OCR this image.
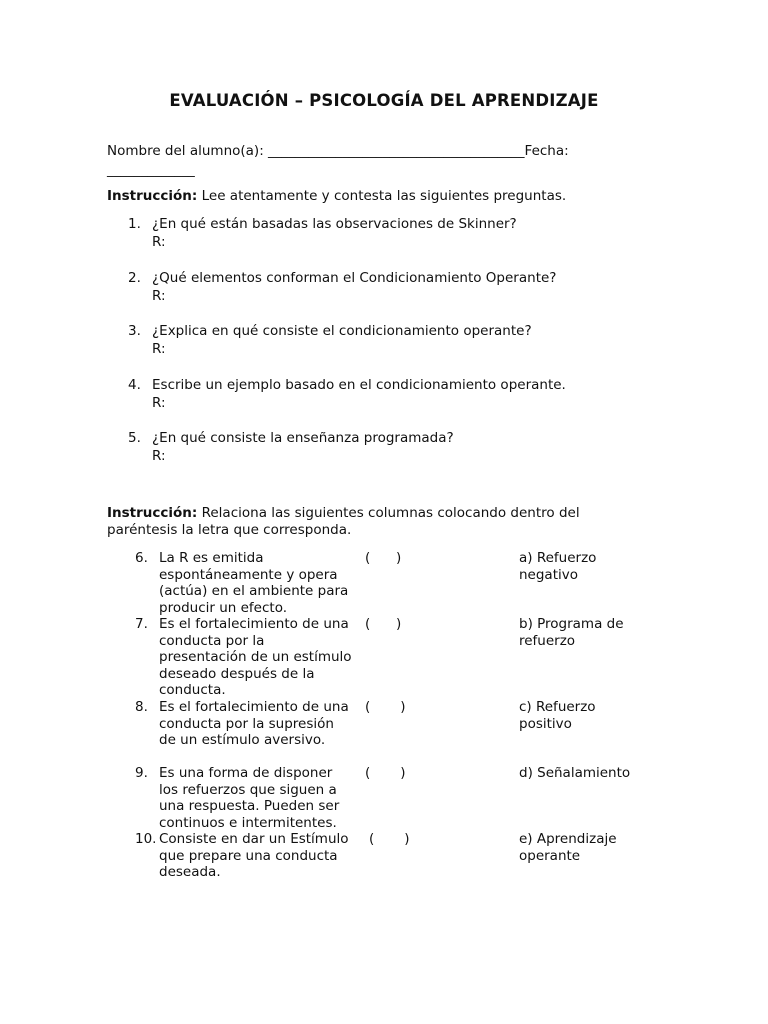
EVALUACIÓN – PSICOLOGÍA DEL APRENDIZAJE
Nombre del alumno(a): ______________________________________Fecha:
_____________
Instrucción: Lee atentamente y contesta las siguientes preguntas.
1. ¿En qué están basadas las observaciones de Skinner?
R:
2. ¿Qué elementos conforman el Condicionamiento Operante?
R:
3. ¿Explica en qué consiste el condicionamiento operante?
R:
4. Escribe un ejemplo basado en el condicionamiento operante.
R:
5. ¿En qué consiste la enseñanza programada?
R:
Instrucción: Relaciona las siguientes columnas colocando dentro del paréntesis la letra que corresponda.
6. La R es emitida espontáneamente y opera (actúa) en el ambiente para producir un efecto.
(      )	a) Refuerzo negativo
7. Es el fortalecimiento de una conducta por la presentación de un estímulo deseado después de la conducta.
(      )	b) Programa de refuerzo
8. Es el fortalecimiento de una conducta por la supresión de un estímulo aversivo.
(       )	c) Refuerzo positivo
9. Es una forma de disponer los refuerzos que siguen a una respuesta. Pueden ser continuos e intermitentes.
(       )	d) Señalamiento
10. Consiste en dar un Estímulo que prepare una conducta deseada.
(       )	e) Aprendizaje operante
